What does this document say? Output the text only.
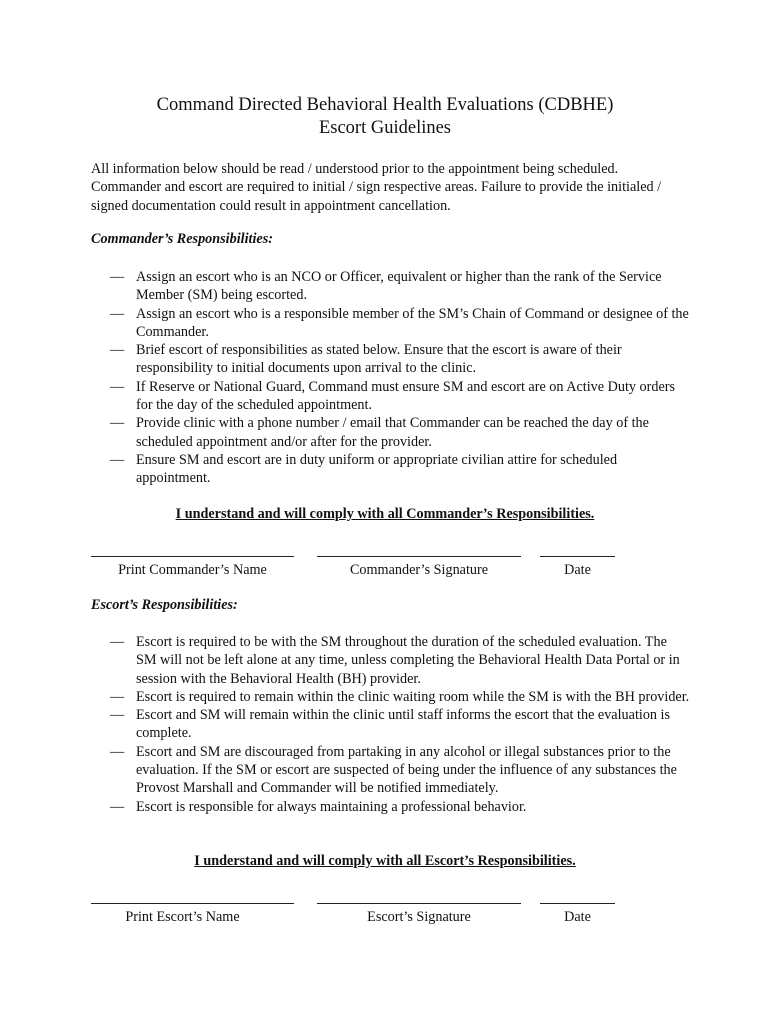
Command Directed Behavioral Health Evaluations (CDBHE)
Escort Guidelines
All information below should be read / understood prior to the appointment being scheduled. Commander and escort are required to initial / sign respective areas. Failure to provide the initialed / signed documentation could result in appointment cancellation.
Commander’s Responsibilities:
— Assign an escort who is an NCO or Officer, equivalent or higher than the rank of the Service Member (SM) being escorted.
— Assign an escort who is a responsible member of the SM’s Chain of Command or designee of the Commander.
— Brief escort of responsibilities as stated below. Ensure that the escort is aware of their responsibility to initial documents upon arrival to the clinic.
— If Reserve or National Guard, Command must ensure SM and escort are on Active Duty orders for the day of the scheduled appointment.
— Provide clinic with a phone number / email that Commander can be reached the day of the scheduled appointment and/or after for the provider.
— Ensure SM and escort are in duty uniform or appropriate civilian attire for scheduled appointment.
I understand and will comply with all Commander’s Responsibilities.
Print Commander’s Name	Commander’s Signature	Date
Escort’s Responsibilities:
— Escort is required to be with the SM throughout the duration of the scheduled evaluation. The SM will not be left alone at any time, unless completing the Behavioral Health Data Portal or in session with the Behavioral Health (BH) provider.
— Escort is required to remain within the clinic waiting room while the SM is with the BH provider.
— Escort and SM will remain within the clinic until staff informs the escort that the evaluation is complete.
— Escort and SM are discouraged from partaking in any alcohol or illegal substances prior to the evaluation. If the SM or escort are suspected of being under the influence of any substances the Provost Marshall and Commander will be notified immediately.
— Escort is responsible for always maintaining a professional behavior.
I understand and will comply with all Escort’s Responsibilities.
Print Escort’s Name	Escort’s Signature	Date
